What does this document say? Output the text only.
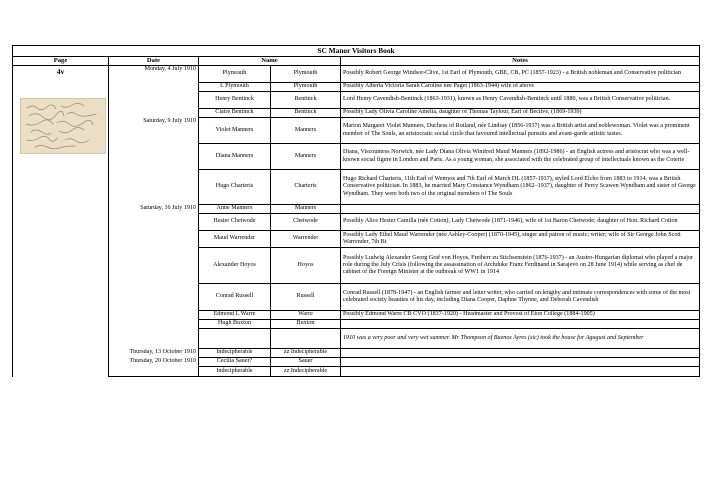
SC Manor Visitors Book				
Page	Date	Name		Notes

4v	Monday, 4 July 1910	Plymouth	Plymouth	Possibly Robert George Windsor-Clive, 1st Earl of Plymouth, GBE, CB, PC (1857-1923) - a British nobleman and Conservative politician
		L Plymouth	Plymouth	Possibly Alberta Victoria Sarah Caroline née Paget (1863-1944) wife of above
		Henry Bentinck	Bentinck	Lord Henry Cavendish-Bentinck (1863-1931), known as Henry Cavendish-Bentinck until 1880, was a British Conservative politician.
		Claire Bentinck	Bentinck	Possibly Lady Olivia Caroline Amelia, daughter of Thomas Taylour, Earl of Bective, (1869-1939)
	Saturday, 9 July 1910	Violet Manners	Manners	Marion Margaret Violet Manners, Duchess of Rutland, née Lindsay (1856-1937) was a British artist and noblewoman. Violet was a prominent member of The Souls, an aristocratic social circle that favoured intellectual pursuits and avant-garde artistic tastes.
		Diana Manners	Manners	Diana, Viscountess Norwich, née Lady Diana Olivia Winifred Maud Manners (1892-1986) - an English actress and aristocrat who was a well-known social figure in London and Paris. As a young woman, she associated with the celebrated group of intellectuals known as the Coterie
		Hugo Charteris	Charteris	Hugo Richard Charteris, 11th Earl of Wemyss and 7th Earl of March DL (1857-1937), styled Lord Elcho from 1883 to 1914, was a British Conservative politician. In 1883, he married Mary Constance Wyndham (1862–1937), daughter of Percy Scawen Wyndham and sister of George Wyndham. They were both two of the original members of The Souls
	Saturday, 16 July 1910	Anne Manners	Manners	
		Hester Chetwode	Chetwode	Possibly Alice Hester Camilla (née Cotton), Lady Chetwode (1871-1946), wife of 1st Baron Chetwode; daughter of Hon. Richard Cotton
		Maud Warrender	Warrender	Possibly Lady Ethel Maud Warrender (née Ashley-Cooper) (1870-1945), singer and patron of music; writer; wife of Sir George John Scott Warrender, 7th Bt
		Alexander Hoyos	Hoyos	Possibly Ludwig Alexander Georg Graf von Hoyos, Freiherr zu Stichsenstein (1876-1937) - an Austro-Hungarian diplomat who played a major role during the July Crisis (following the assassination of Archduke Franz Ferdinand in Sarajevo on 28 June 1914) while serving as chef de cabinet of the Foreign Minister at the outbreak of WW1 in 1914
		Conrad Russell	Russell	Conrad Russell (1878-1947) - an English farmer and letter writer, who carried on lengthy and intimate correspondences with some of the most celebrated society beauties of his day, including Diana Cooper, Daphne Thynne, and Deborah Cavendish
		Edmond L Warre	Warre	Possibly Edmond Warre CB CVO (1837-1920) - Headmaster and Provost of Eton College (1884-1905)
		Hugh Buxton	Buxton	
				1910 was a very poor and very wet summer. Mr Thompson of Buenos Ayres (sic) took the house for Agugust and September
	Thursday, 13 October 1910	Indecipherable	zz Indecipherable	
	Thursday, 20 October 1910	Cecilia Sauer?	Sauer	
		Indecipherable	zz Indecipherable	
